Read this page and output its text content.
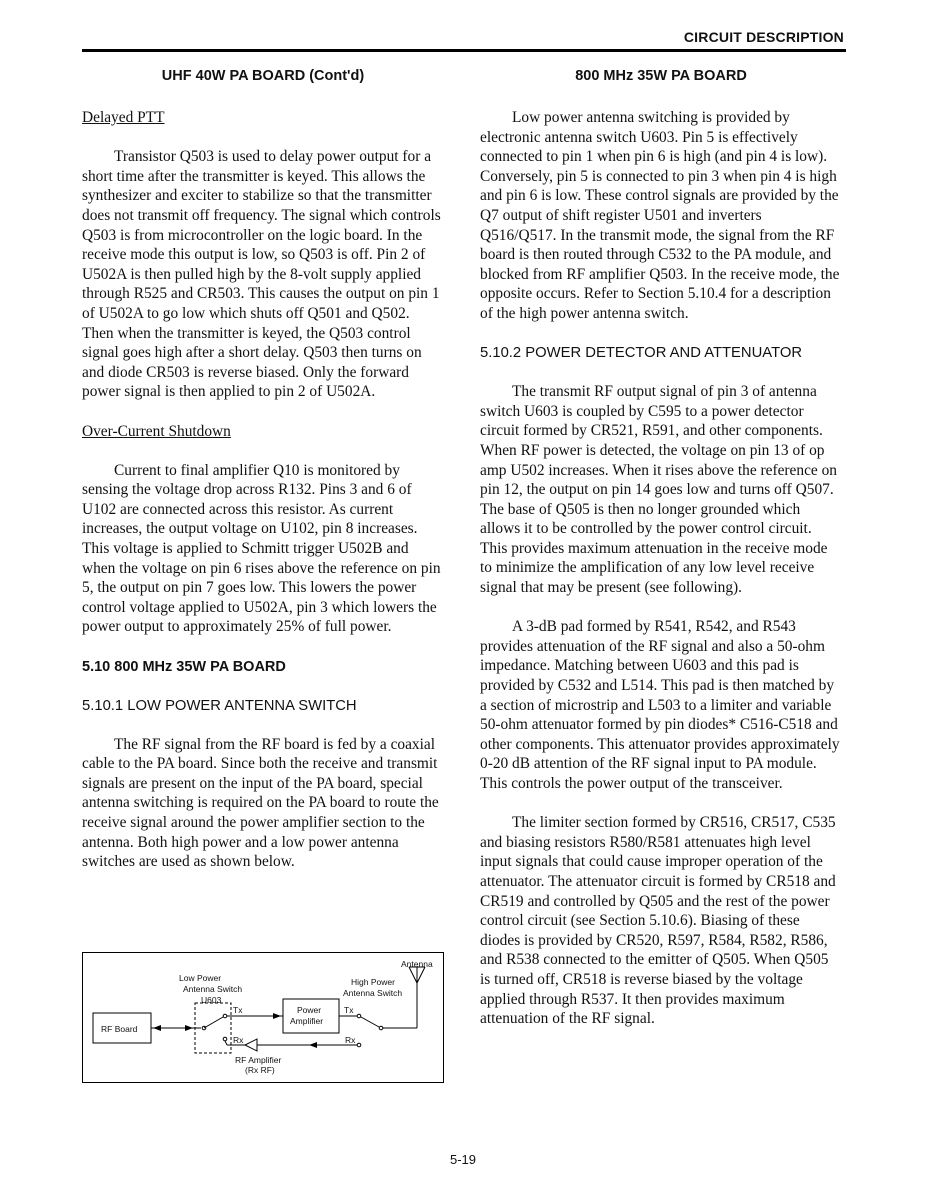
CIRCUIT DESCRIPTION
UHF 40W PA BOARD (Cont'd)
Delayed PTT

Transistor Q503 is used to delay power output for a short time after the transmitter is keyed. This allows the synthesizer and exciter to stabilize so that the transmitter does not transmit off frequency. The signal which controls Q503 is from microcontroller on the logic board. In the receive mode this output is low, so Q503 is off. Pin 2 of U502A is then pulled high by the 8-volt supply applied through R525 and CR503. This causes the output on pin 1 of U502A to go low which shuts off Q501 and Q502. Then when the transmitter is keyed, the Q503 control signal goes high after a short delay. Q503 then turns on and diode CR503 is reverse biased. Only the forward power signal is then applied to pin 2 of U502A.

Over-Current Shutdown

Current to final amplifier Q10 is monitored by sensing the voltage drop across R132. Pins 3 and 6 of U102 are connected across this resistor. As current increases, the output voltage on U102, pin 8 increases. This voltage is applied to Schmitt trigger U502B and when the voltage on pin 6 rises above the reference on pin 5, the output on pin 7 goes low. This lowers the power control voltage applied to U502A, pin 3 which lowers the power output to approximately 25% of full power.

5.10 800 MHz 35W PA BOARD
5.10.1 LOW POWER ANTENNA SWITCH

The RF signal from the RF board is fed by a coaxial cable to the PA board. Since both the receive and transmit signals are present on the input of the PA board, special antenna switching is required on the PA board to route the receive signal around the power amplifier section to the antenna. Both high power and a low power antenna switches are used as shown below.

Antenna
Low Power
Antenna Switch
U603
High Power
Antenna Switch
Tx	Tx
Power
Amplifier
RF Board
Rx	Rx
RF Amplifier
(Rx RF)
800 MHz 35W PA BOARD

Low power antenna switching is provided by electronic antenna switch U603. Pin 5 is effectively connected to pin 1 when pin 6 is high (and pin 4 is low). Conversely, pin 5 is connected to pin 3 when pin 4 is high and pin 6 is low. These control signals are provided by the Q7 output of shift register U501 and inverters Q516/Q517. In the transmit mode, the signal from the RF board is then routed through C532 to the PA module, and blocked from RF amplifier Q503. In the receive mode, the opposite occurs. Refer to Section 5.10.4 for a description of the high power antenna switch.

5.10.2 POWER DETECTOR AND ATTENUATOR

The transmit RF output signal of pin 3 of antenna switch U603 is coupled by C595 to a power detector circuit formed by CR521, R591, and other components. When RF power is detected, the voltage on pin 13 of op amp U502 increases. When it rises above the reference on pin 12, the output on pin 14 goes low and turns off Q507. The base of Q505 is then no longer grounded which allows it to be controlled by the power control circuit. This provides maximum attenuation in the receive mode to minimize the amplification of any low level receive signal that may be present (see following).

A 3-dB pad formed by R541, R542, and R543 provides attenuation of the RF signal and also a 50-ohm impedance. Matching between U603 and this pad is provided by C532 and L514. This pad is then matched by a section of microstrip and L503 to a limiter and variable 50-ohm attenuator formed by pin diodes* C516-C518 and other components. This attenuator provides approximately 0-20 dB attention of the RF signal input to PA module. This controls the power output of the transceiver.

The limiter section formed by CR516, CR517, C535 and biasing resistors R580/R581 attenuates high level input signals that could cause improper operation of the attenuator. The attenuator circuit is formed by CR518 and CR519 and controlled by Q505 and the rest of the power control circuit (see Section 5.10.6). Biasing of these diodes is provided by CR520, R597, R584, R582, R586, and R538 connected to the emitter of Q505. When Q505 is turned off, CR518 is reverse biased by the voltage applied through R537. It then provides maximum attenuation of the RF signal.

5-19
